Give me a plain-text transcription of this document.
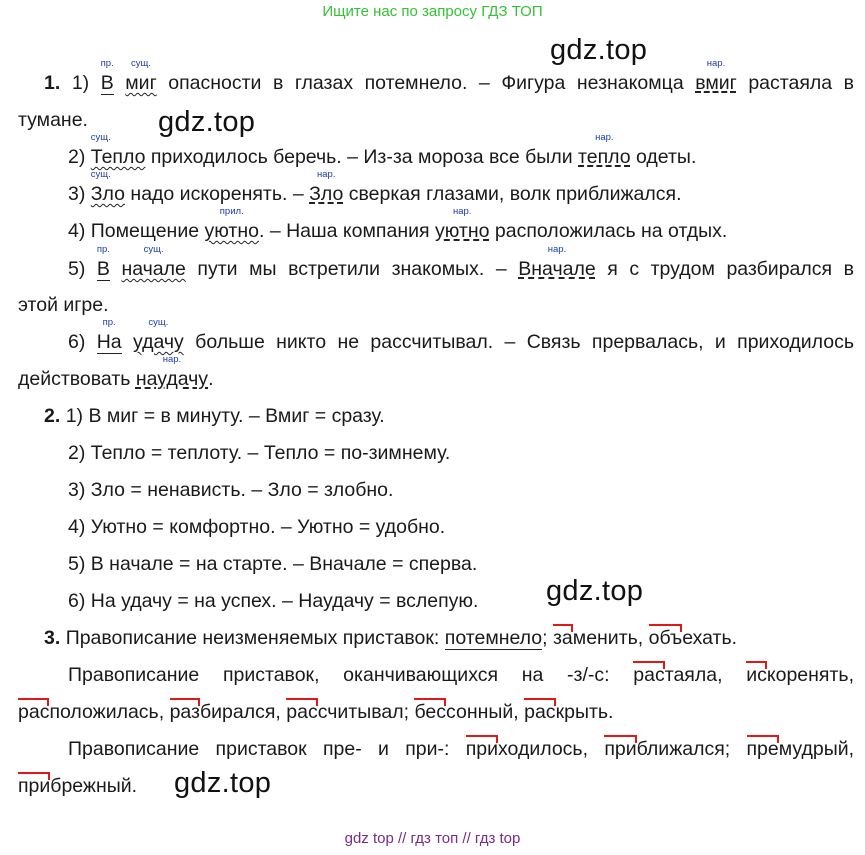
Ищите нас по запросу ГДЗ ТОП
gdz.top
gdz.top
gdz.top
gdz.top
1. 1)
пр.
В
сущ.
миг опасности в глазах потемнело. – Фигура незнакомца
нар.
вмиг растаяла в
тумане.
2)
сущ.
Тепло приходилось беречь. – Из-за мороза все были
нар.
тепло одеты.
3)
сущ.
Зло надо искоренять. –
нар.
Зло сверкая глазами, волк приближался.
4) Помещение
прил.
уютно. – Наша компания
нар.
уютно расположилась на отдых.
5)
пр.
В
сущ.
начале пути мы встретили знакомых. –
нар.
Вначале я с трудом разбирался в
этой игре.
6)
пр.
На
сущ.
удачу больше никто не рассчитывал. – Связь прервалась, и приходилось
действовать
нар.
наудачу.
2. 1) В миг = в минуту. – Вмиг = сразу.
2) Тепло = теплоту. – Тепло = по-зимнему.
3) Зло = ненависть. – Зло = злобно.
4) Уютно = комфортно. – Уютно = удобно.
5) В начале = на старте. – Вначале = сперва.
6) На удачу = на успех. – Наудачу = вслепую.
3. Правописание неизменяемых приставок: потемнело; заменить, объехать.
Правописание приставок, оканчивающихся на -з/-с: растаяла, искоренять,
расположилась, разбирался, рассчитывал; бессонный, раскрыть.
Правописание приставок пре- и при-: приходилось, приближался; премудрый,
прибрежный.
gdz top // гдз топ // гдз top
